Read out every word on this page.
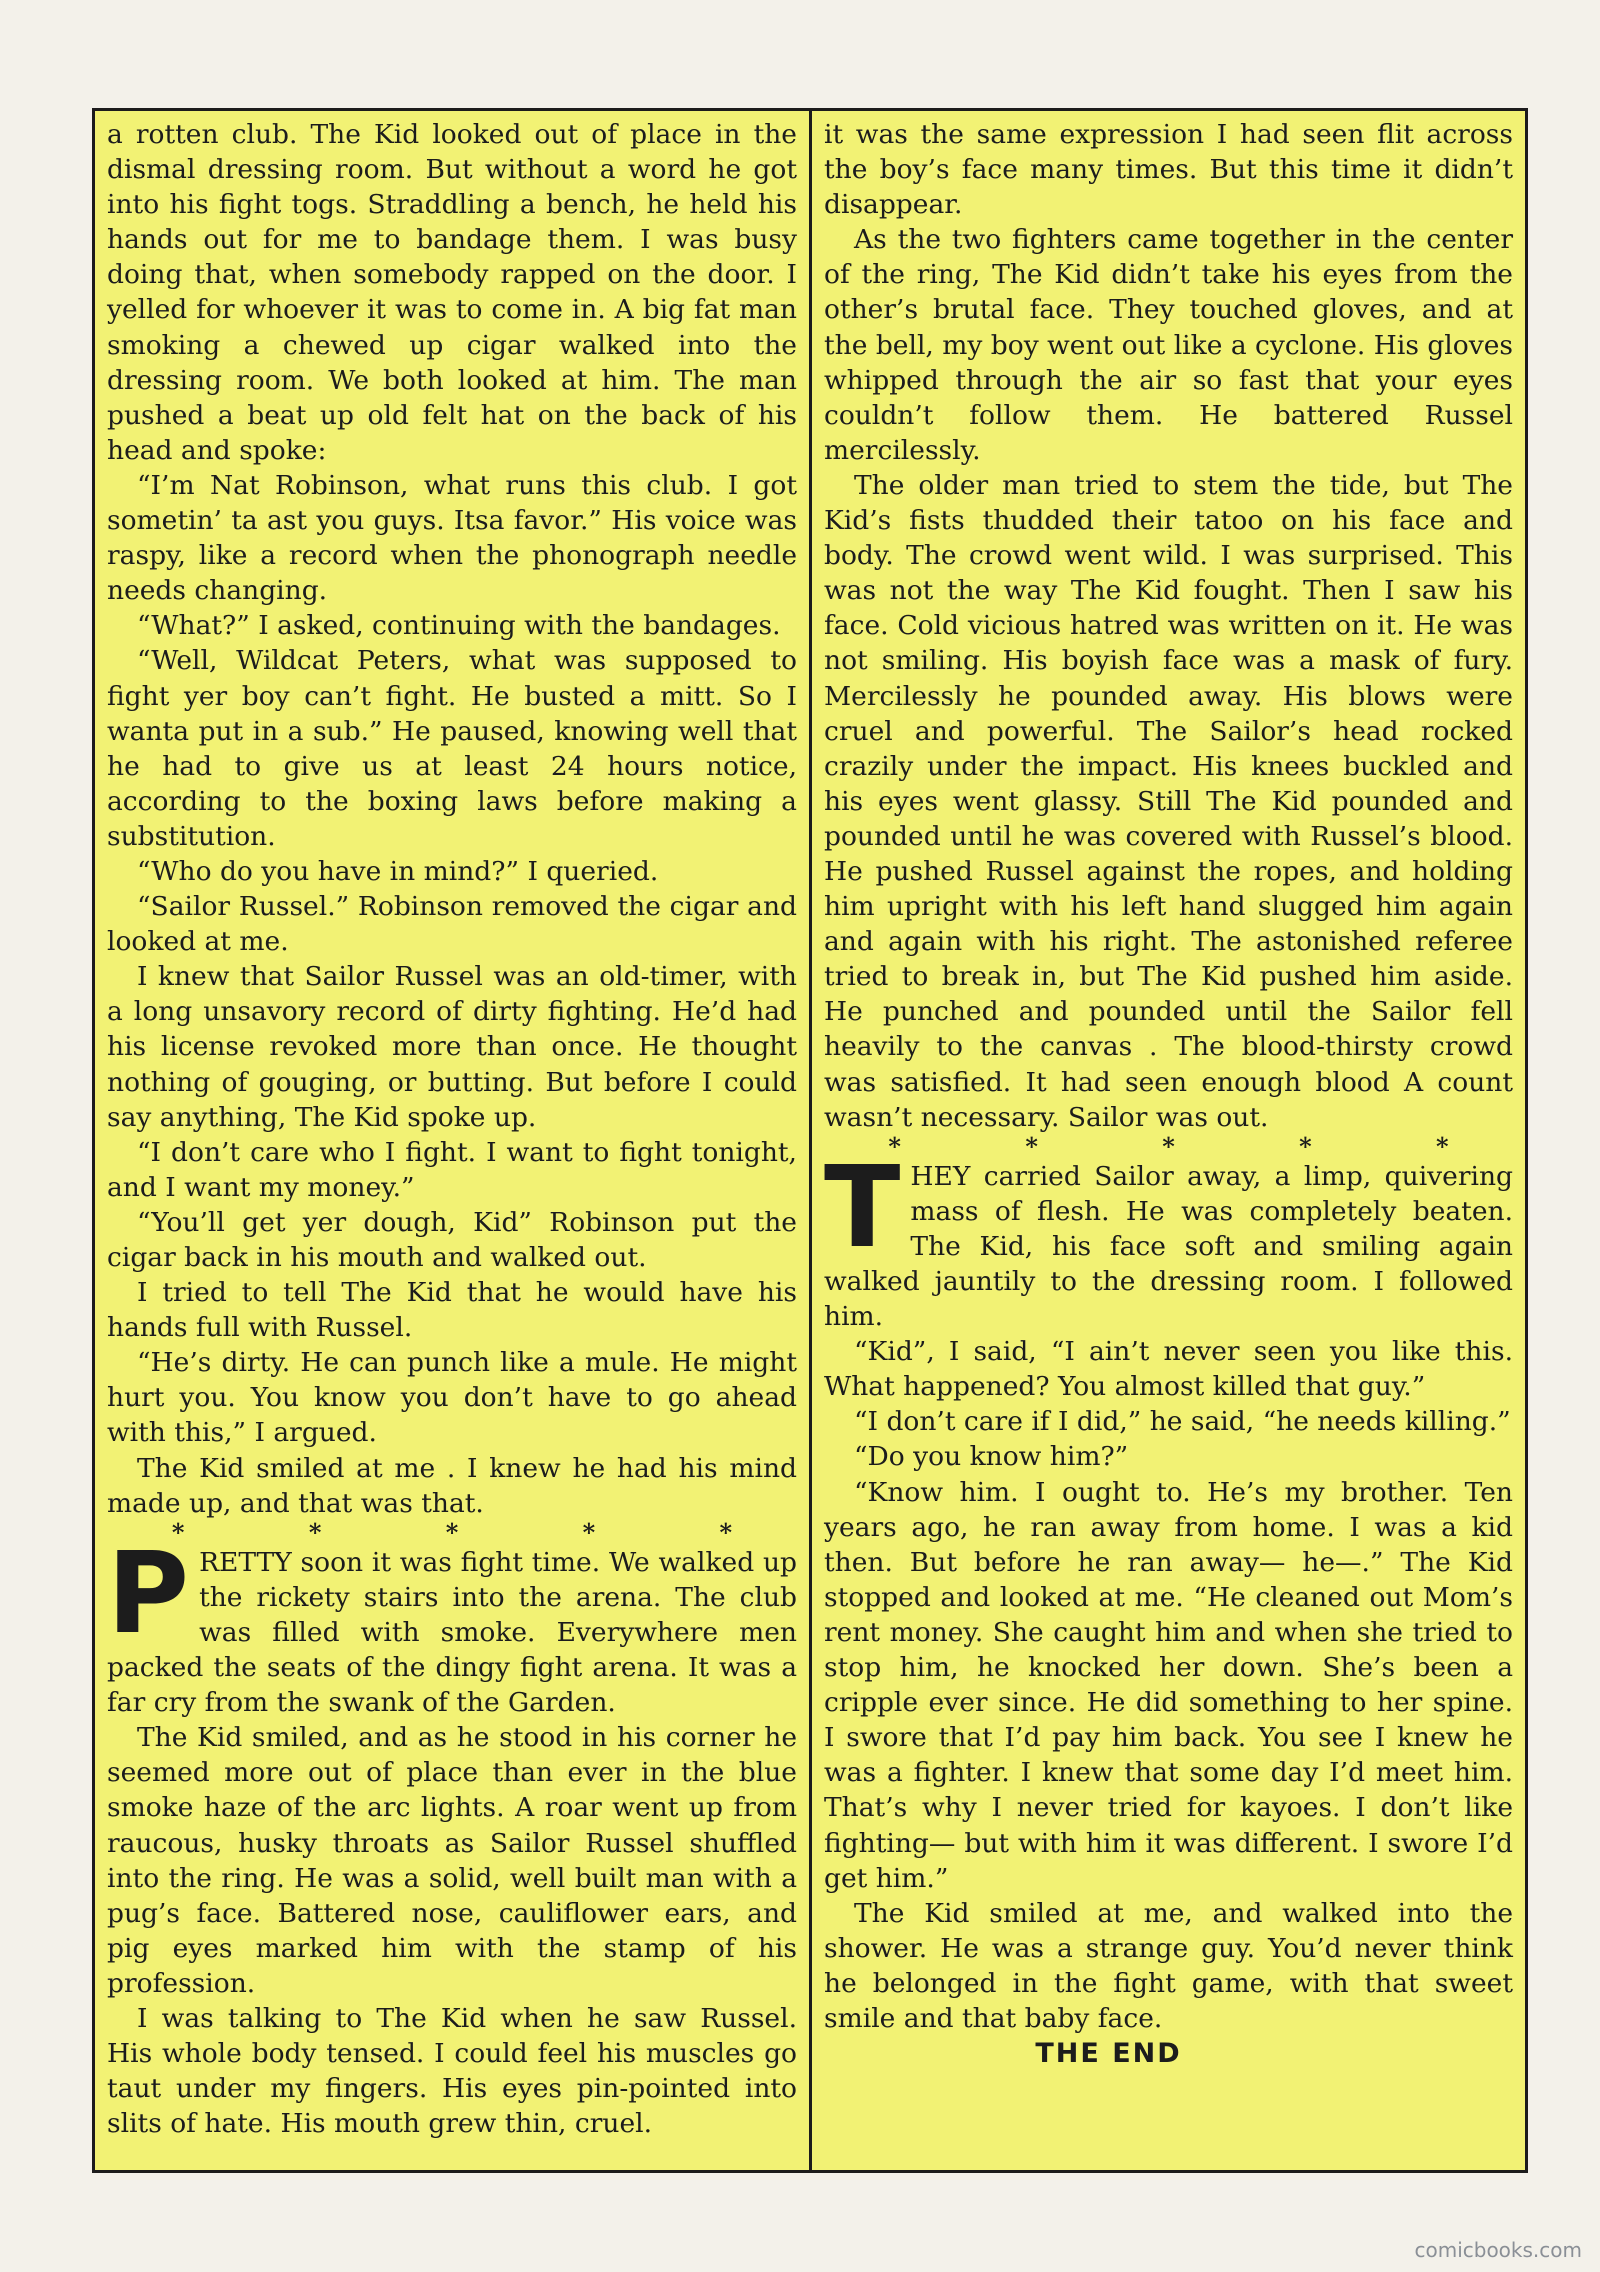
a rotten club. The Kid looked out of place in the dismal dressing room. But without a word he got into his fight togs. Straddling a bench, he held his hands out for me to bandage them. I was busy doing that, when somebody rapped on the door. I yelled for whoever it was to come in. A big fat man smoking a chewed up cigar walked into the dressing room. We both looked at him. The man pushed a beat up old felt hat on the back of his head and spoke:

“I’m Nat Robinson, what runs this club. I got sometin’ ta ast you guys. Itsa favor.” His voice was raspy, like a record when the phonograph needle needs changing.

“What?” I asked, continuing with the bandages.

“Well, Wildcat Peters, what was supposed to fight yer boy can’t fight. He busted a mitt. So I wanta put in a sub.” He paused, knowing well that he had to give us at least 24 hours notice, according to the boxing laws before making a substitution.

“Who do you have in mind?” I queried.

“Sailor Russel.” Robinson removed the cigar and looked at me.

I knew that Sailor Russel was an old-timer, with a long unsavory record of dirty fighting. He’d had his license revoked more than once. He thought nothing of gouging, or butting. But before I could say anything, The Kid spoke up.

“I don’t care who I fight. I want to fight tonight, and I want my money.”

“You’ll get yer dough, Kid” Robinson put the cigar back in his mouth and walked out.

I tried to tell The Kid that he would have his hands full with Russel.

“He’s dirty. He can punch like a mule. He might hurt you. You know you don’t have to go ahead with this,” I argued.

The Kid smiled at me . I knew he had his mind made up, and that was that.

* * * * *

PRETTY soon it was fight time. We walked up the rickety stairs into the arena. The club was filled with smoke. Everywhere men packed the seats of the dingy fight arena. It was a far cry from the swank of the Garden.

The Kid smiled, and as he stood in his corner he seemed more out of place than ever in the blue smoke haze of the arc lights. A roar went up from raucous, husky throats as Sailor Russel shuffled into the ring. He was a solid, well built man with a pug’s face. Battered nose, cauliflower ears, and pig eyes marked him with the stamp of his profession.

I was talking to The Kid when he saw Russel. His whole body tensed. I could feel his muscles go taut under my fingers. His eyes pin-pointed into slits of hate. His mouth grew thin, cruel.

it was the same expression I had seen flit across the boy’s face many times. But this time it didn’t disappear.

As the two fighters came together in the center of the ring, The Kid didn’t take his eyes from the other’s brutal face. They touched gloves, and at the bell, my boy went out like a cyclone. His gloves whipped through the air so fast that your eyes couldn’t follow them. He battered Russel mercilessly.

The older man tried to stem the tide, but The Kid’s fists thudded their tatoo on his face and body. The crowd went wild. I was surprised. This was not the way The Kid fought. Then I saw his face. Cold vicious hatred was written on it. He was not smiling. His boyish face was a mask of fury. Mercilessly he pounded away. His blows were cruel and powerful. The Sailor’s head rocked crazily under the impact. His knees buckled and his eyes went glassy. Still The Kid pounded and pounded until he was covered with Russel’s blood. He pushed Russel against the ropes, and holding him upright with his left hand slugged him again and again with his right. The astonished referee tried to break in, but The Kid pushed him aside. He punched and pounded until the Sailor fell heavily to the canvas . The blood-thirsty crowd was satisfied. It had seen enough blood A count wasn’t necessary. Sailor was out.

* * * * *

THEY carried Sailor away, a limp, quivering mass of flesh. He was completely beaten. The Kid, his face soft and smiling again walked jauntily to the dressing room. I followed him.

“Kid”, I said, “I ain’t never seen you like this. What happened? You almost killed that guy.”

“I don’t care if I did,” he said, “he needs killing.”

“Do you know him?”

“Know him. I ought to. He’s my brother. Ten years ago, he ran away from home. I was a kid then. But before he ran away— he—.” The Kid stopped and looked at me. “He cleaned out Mom’s rent money. She caught him and when she tried to stop him, he knocked her down. She’s been a cripple ever since. He did something to her spine. I swore that I’d pay him back. You see I knew he was a fighter. I knew that some day I’d meet him. That’s why I never tried for kayoes. I don’t like fighting— but with him it was different. I swore I’d get him.”

The Kid smiled at me, and walked into the shower. He was a strange guy. You’d never think he belonged in the fight game, with that sweet smile and that baby face.

THE END
comicbooks.com
